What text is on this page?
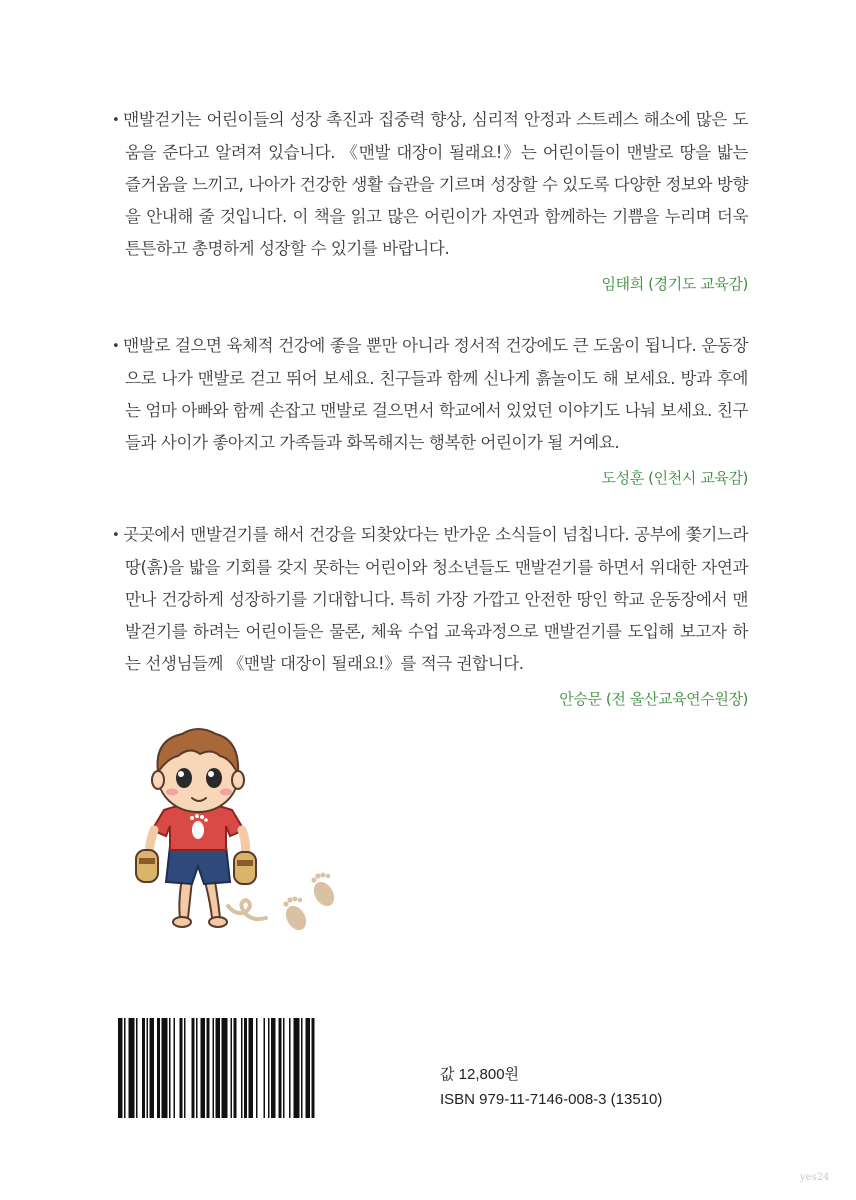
• 맨발걷기는 어린이들의 성장 촉진과 집중력 향상, 심리적 안정과 스트레스 해소에 많은 도움을 준다고 알려져 있습니다. 《맨발 대장이 될래요!》는 어린이들이 맨발로 땅을 밟는 즐거움을 느끼고, 나아가 건강한 생활 습관을 기르며 성장할 수 있도록 다양한 정보와 방향을 안내해 줄 것입니다. 이 책을 읽고 많은 어린이가 자연과 함께하는 기쁨을 누리며 더욱 튼튼하고 총명하게 성장할 수 있기를 바랍니다.

임태희 (경기도 교육감)

• 맨발로 걸으면 육체적 건강에 좋을 뿐만 아니라 정서적 건강에도 큰 도움이 됩니다. 운동장으로 나가 맨발로 걷고 뛰어 보세요. 친구들과 함께 신나게 흙놀이도 해 보세요. 방과 후에는 엄마 아빠와 함께 손잡고 맨발로 걸으면서 학교에서 있었던 이야기도 나눠 보세요. 친구들과 사이가 좋아지고 가족들과 화목해지는 행복한 어린이가 될 거예요.

도성훈 (인천시 교육감)

• 곳곳에서 맨발걷기를 해서 건강을 되찾았다는 반가운 소식들이 넘칩니다. 공부에 쫓기느라 땅(흙)을 밟을 기회를 갖지 못하는 어린이와 청소년들도 맨발걷기를 하면서 위대한 자연과 만나 건강하게 성장하기를 기대합니다. 특히 가장 가깝고 안전한 땅인 학교 운동장에서 맨발걷기를 하려는 어린이들은 물론, 체육 수업 교육과정으로 맨발걷기를 도입해 보고자 하는 선생님들께 《맨발 대장이 될래요!》를 적극 권합니다.

안승문 (전 울산교육연수원장)
값 12,800원
ISBN 979-11-7146-008-3 (13510)
yes24
